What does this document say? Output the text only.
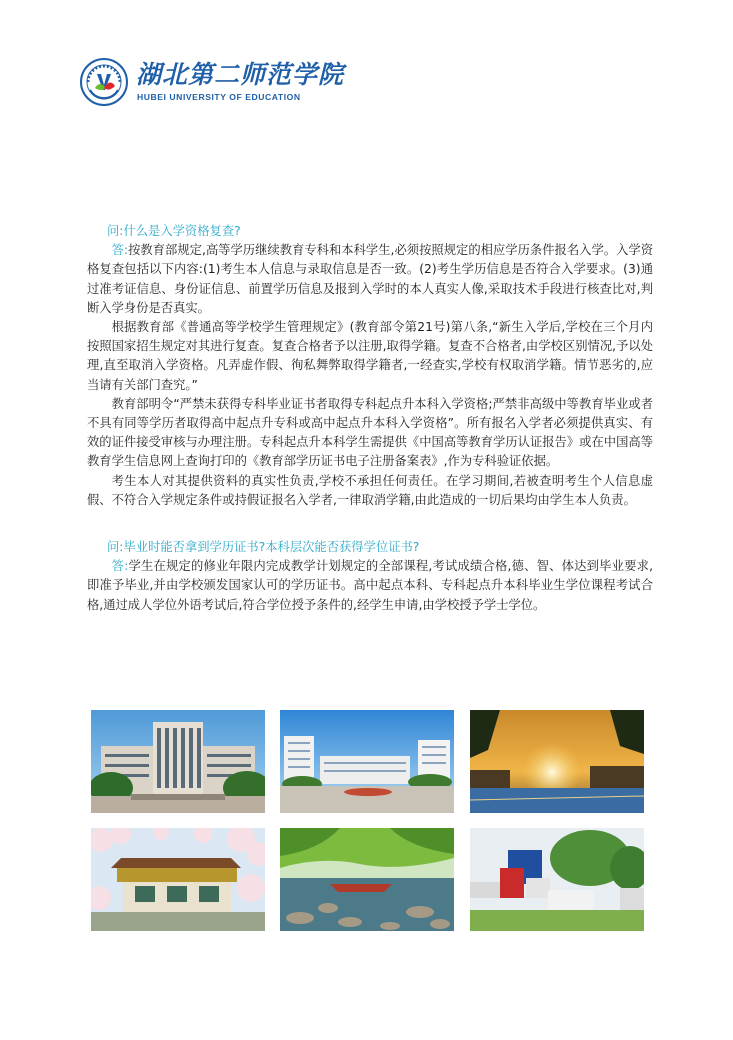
湖北第二师范学院
HUBEI UNIVERSITY OF EDUCATION
问:什么是入学资格复查?

答:按教育部规定,高等学历继续教育专科和本科学生,必须按照规定的相应学历条件报名入学。入学资格复查包括以下内容:(1)考生本人信息与录取信息是否一致。(2)考生学历信息是否符合入学要求。(3)通过准考证信息、身份证信息、前置学历信息及报到入学时的本人真实人像,采取技术手段进行核查比对,判断入学身份是否真实。

根据教育部《普通高等学校学生管理规定》(教育部令第21号)第八条,“新生入学后,学校在三个月内按照国家招生规定对其进行复查。复查合格者予以注册,取得学籍。复查不合格者,由学校区别情况,予以处理,直至取消入学资格。凡弄虚作假、徇私舞弊取得学籍者,一经查实,学校有权取消学籍。情节恶劣的,应当请有关部门查究。”

教育部明令“严禁未获得专科毕业证书者取得专科起点升本科入学资格;严禁非高级中等教育毕业或者不具有同等学历者取得高中起点升专科或高中起点升本科入学资格”。所有报名入学者必须提供真实、有效的证件接受审核与办理注册。专科起点升本科学生需提供《中国高等教育学历认证报告》或在中国高等教育学生信息网上查询打印的《教育部学历证书电子注册备案表》,作为专科验证依据。

考生本人对其提供资料的真实性负责,学校不承担任何责任。在学习期间,若被查明考生个人信息虚假、不符合入学规定条件或持假证报名入学者,一律取消学籍,由此造成的一切后果均由学生本人负责。

问:毕业时能否拿到学历证书?本科层次能否获得学位证书?

答:学生在规定的修业年限内完成教学计划规定的全部课程,考试成绩合格,德、智、体达到毕业要求,即准予毕业,并由学校颁发国家认可的学历证书。高中起点本科、专科起点升本科毕业生学位课程考试合格,通过成人学位外语考试后,符合学位授予条件的,经学生申请,由学校授予学士学位。
